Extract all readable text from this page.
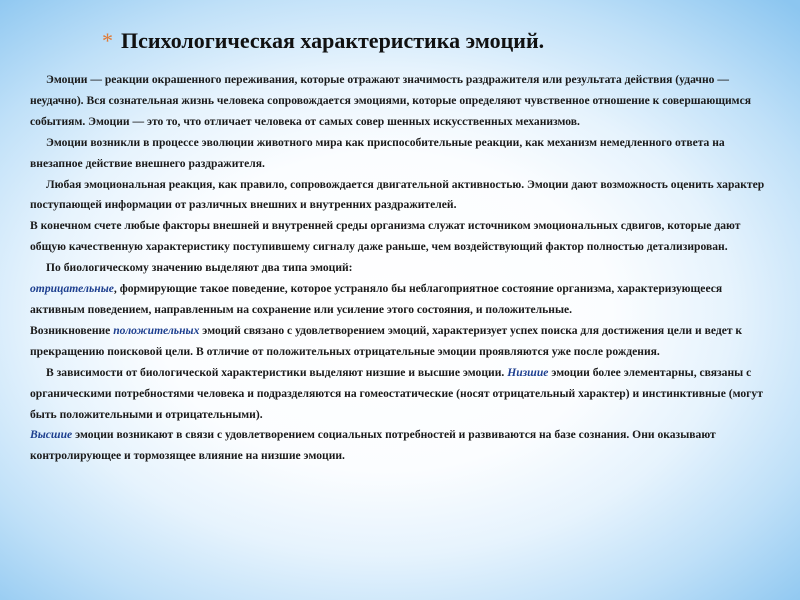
* Психологическая характеристика эмоций.

Эмоции — реакции окрашенного переживания, которые отражают значимость раздражителя или результата действия (удачно — неудачно). Вся сознательная жизнь человека сопровождается эмоциями, которые определяют чувственное отношение к совершающимся событиям. Эмоции — это то, что отличает человека от самых совер шенных искусственных механизмов.

Эмоции возникли в процессе эволюции животного мира как приспособительные реакции, как механизм немедленного ответа на внезапное действие внешнего раздражителя.

Любая эмоциональная реакция, как правило, сопровождается двигательной активностью. Эмоции дают возможность оценить характер поступающей информации от различных внешних и внутренних раздражителей.

В конечном счете любые факторы внешней и внутренней среды организма служат источником эмоциональных сдвигов, которые дают общую качественную характеристику поступившему сигналу даже раньше, чем воздействующий фактор полностью детализирован.

По биологическому значению выделяют два типа эмоций:

отрицательные, формирующие такое поведение, которое устраняло бы неблагоприятное состояние организма, характеризующееся активным поведением, направленным на сохранение или усиление этого состояния, и положительные.

Возникновение положительных эмоций связано с удовлетворением эмоций, характеризует успех поиска для достижения цели и ведет к прекращению поисковой цели. В отличие от положительных отрицательные эмоции проявляются уже после рождения.

В зависимости от биологической характеристики выделяют низшие и высшие эмоции. Низшие эмоции более элементарны, связаны с органическими потребностями человека и подразделяются на гомеостатические (носят отрицательный характер) и инстинктивные (могут быть положительными и отрицательными).

Высшие эмоции возникают в связи с удовлетворением социальных потребностей и развиваются на базе сознания. Они оказывают контролирующее и тормозящее влияние на низшие эмоции.
